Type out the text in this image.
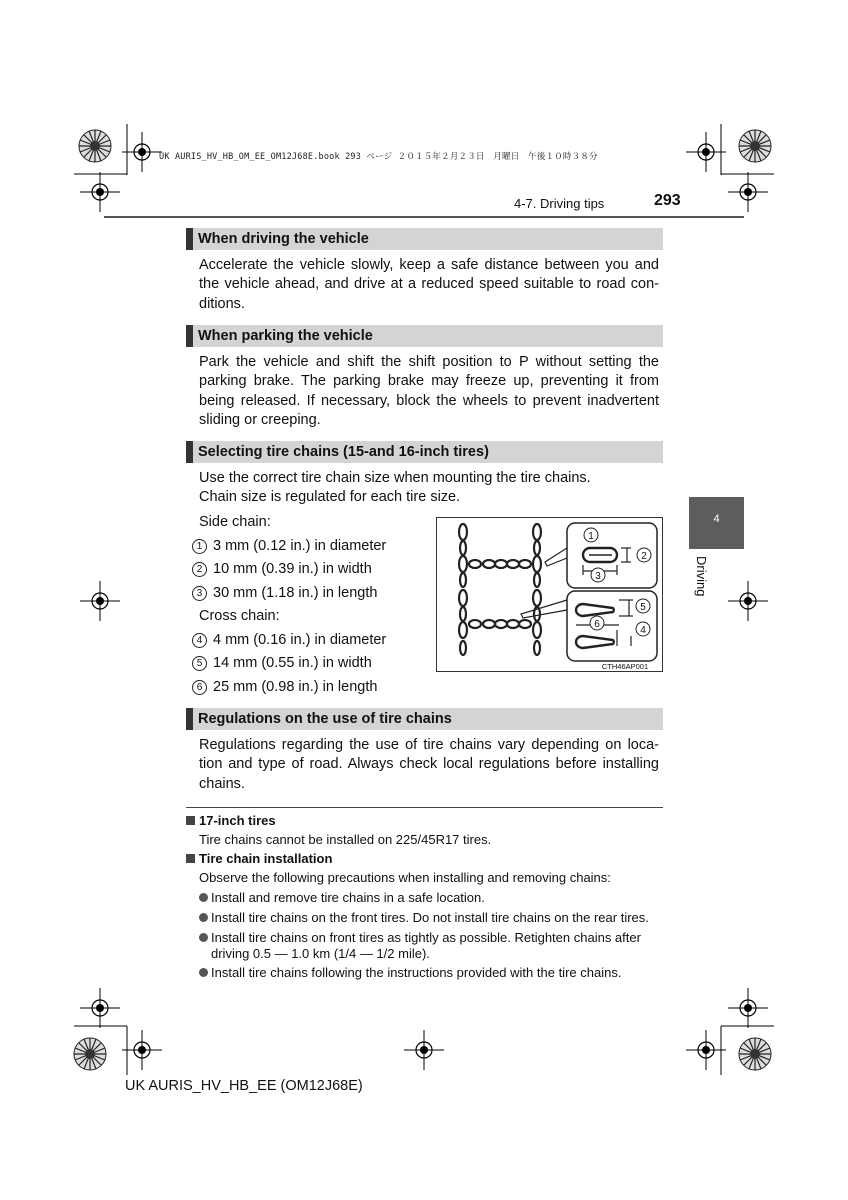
UK AURIS_HV_HB_OM_EE_OM12J68E.book 293 ページ ２０１５年２月２３日　月曜日　午後１０時３８分
4-7. Driving tips	293
4
Driving
When driving the vehicle
Accelerate the vehicle slowly, keep a safe distance between you and the vehicle ahead, and drive at a reduced speed suitable to road con-ditions.
When parking the vehicle
Park the vehicle and shift the shift position to P without setting the parking brake. The parking brake may freeze up, preventing it from being released. If necessary, block the wheels to prevent inadvertent sliding or creeping.
Selecting tire chains (15-and 16-inch tires)
Use the correct tire chain size when mounting the tire chains.
Chain size is regulated for each tire size.
Side chain:
1 3 mm (0.12 in.) in diameter
2 10 mm (0.39 in.) in width
3 30 mm (1.18 in.) in length
Cross chain:
4 4 mm (0.16 in.) in diameter
5 14 mm (0.55 in.) in width
6 25 mm (0.98 in.) in length
1
2
3
4
5
6
CTH46AP001
Regulations on the use of tire chains
Regulations regarding the use of tire chains vary depending on loca-tion and type of road. Always check local regulations before installing chains.
17-inch tires
Tire chains cannot be installed on 225/45R17 tires.
Tire chain installation
Observe the following precautions when installing and removing chains:
Install and remove tire chains in a safe location.
Install tire chains on the front tires. Do not install tire chains on the rear tires.
Install tire chains on front tires as tightly as possible. Retighten chains after driving 0.5 — 1.0 km (1/4 — 1/2 mile).
Install tire chains following the instructions provided with the tire chains.
UK AURIS_HV_HB_EE (OM12J68E)
